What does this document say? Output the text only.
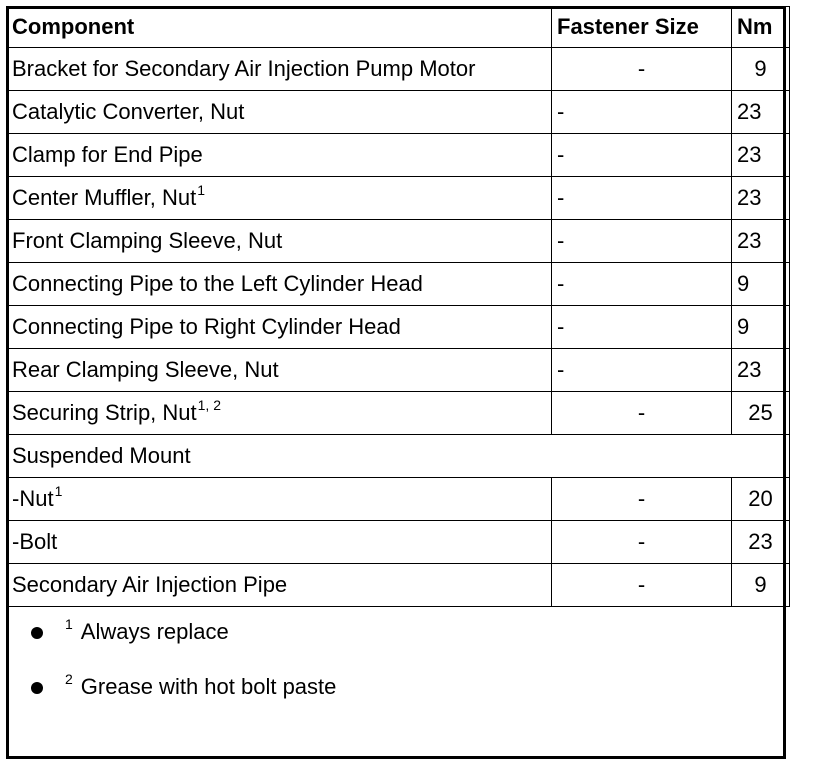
Component	Fastener Size	Nm
Bracket for Secondary Air Injection Pump Motor	-	9
Catalytic Converter, Nut	-	23
Clamp for End Pipe	-	23
Center Muffler, Nut$^1$	-	23
Front Clamping Sleeve, Nut	-	23
Connecting Pipe to the Left Cylinder Head	-	9
Connecting Pipe to Right Cylinder Head	-	9
Rear Clamping Sleeve, Nut	-	23
Securing Strip, Nut$^{1, 2}$	-	25
Suspended Mount		
-Nut$^1$	-	20
-Bolt	-	23
Secondary Air Injection Pipe	-	9
$^1$ Always replace
$^2$ Grease with hot bolt paste
